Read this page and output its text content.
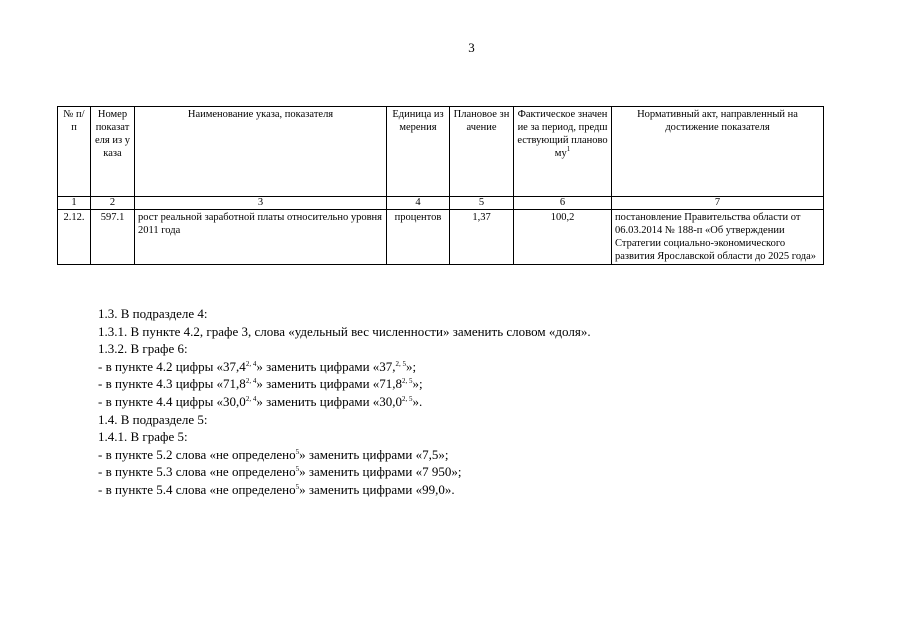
3
№ п/п	Номер показателя из указа	Наименование указа, показателя	Единица измерения	Плановое значение	Фактическое значение за период, предшествующий плановому$^1$	Нормативный акт, направленный на достижение показателя
1	2	3	4	5	6	7
2.12.	597.1	рост реальной заработной платы относительно уровня 2011 года	процентов	1,37	100,2	постановление Правительства области от 06.03.2014 № 188-п «Об утверждении Стратегии социально-экономического развития Ярославской области до 2025 года»

1.3. В подразделе 4:

1.3.1. В пункте 4.2, графе 3, слова «удельный вес численности» заменить словом «доля».

1.3.2. В графе 6:

- в пункте 4.2 цифры «37,4$^{2, 4}$» заменить цифрами «37,$^{2, 5}$»;

- в пункте 4.3 цифры «71,8$^{2, 4}$» заменить цифрами «71,8$^{2, 5}$»;

- в пункте 4.4 цифры «30,0$^{2, 4}$» заменить цифрами «30,0$^{2, 5}$».

1.4. В подразделе 5:

1.4.1. В графе 5:

- в пункте 5.2 слова «не определено$^5$» заменить цифрами «7,5»;

- в пункте 5.3 слова «не определено$^5$» заменить цифрами «7 950»;

- в пункте 5.4 слова «не определено$^5$» заменить цифрами «99,0».
